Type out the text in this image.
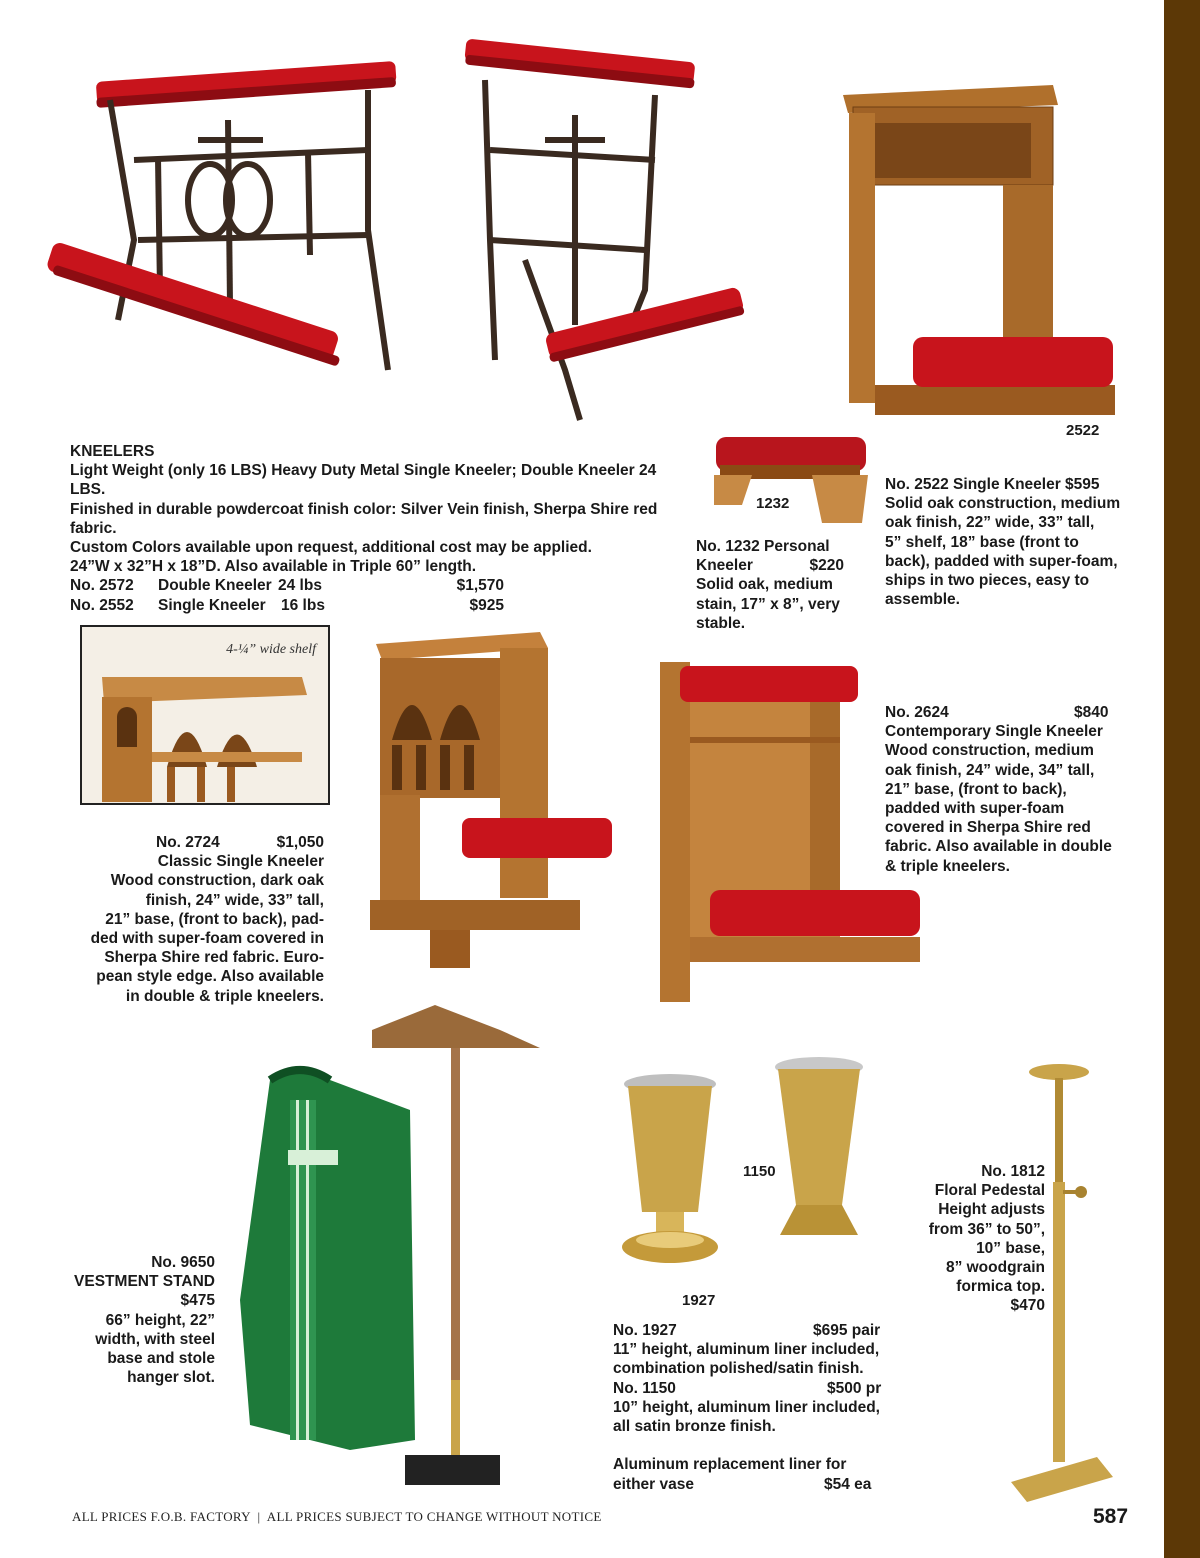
2522
1232
KNEELERS
Light Weight (only 16 LBS) Heavy Duty Metal Single Kneeler; Double Kneeler 24
LBS.
Finished in durable powdercoat finish color: Silver Vein finish, Sherpa Shire red
fabric.
Custom Colors available upon request, additional cost may be applied.
24”W x 32”H x 18”D. Also available in Triple 60” length.
No. 2572 Double Kneeler 24 lbs	$1,570
No. 2552 Single Kneeler 16 lbs	$925
No. 1232 Personal
Kneeler	$220
Solid oak, medium
stain, 17” x 8”, very
stable.
No. 2522 Single Kneeler $595
Solid oak construction, medium
oak finish, 22” wide, 33” tall,
5” shelf, 18” base (front to
back), padded with super-foam,
ships in two pieces, easy to
assemble.
4-¼” wide shelf
No. 2724	$1,050
Classic Single Kneeler
Wood construction, dark oak
finish, 24” wide, 33” tall,
21” base, (front to back), pad-
ded with super-foam covered in
Sherpa Shire red fabric. Euro-
pean style edge. Also available
in double & triple kneelers.
No. 2624	$840
Contemporary Single Kneeler
Wood construction, medium
oak finish, 24” wide, 34” tall,
21” base, (front to back),
padded with super-foam
covered in Sherpa Shire red
fabric. Also available in double
& triple kneelers.
No. 9650
VESTMENT STAND
$475
66” height, 22”
width, with steel
base and stole
hanger slot.
1150
1927
No. 1927	$695 pair
11” height, aluminum liner included,
combination polished/satin finish.
No. 1150	$500 pr
10” height, aluminum liner included,
all satin bronze finish.
Aluminum replacement liner for
either vase	$54 ea
No. 1812
Floral Pedestal
Height adjusts
from 36” to 50”,
10” base,
8” woodgrain
formica top.
$470
ALL PRICES F.O.B. FACTORY | ALL PRICES SUBJECT TO CHANGE WITHOUT NOTICE	587
